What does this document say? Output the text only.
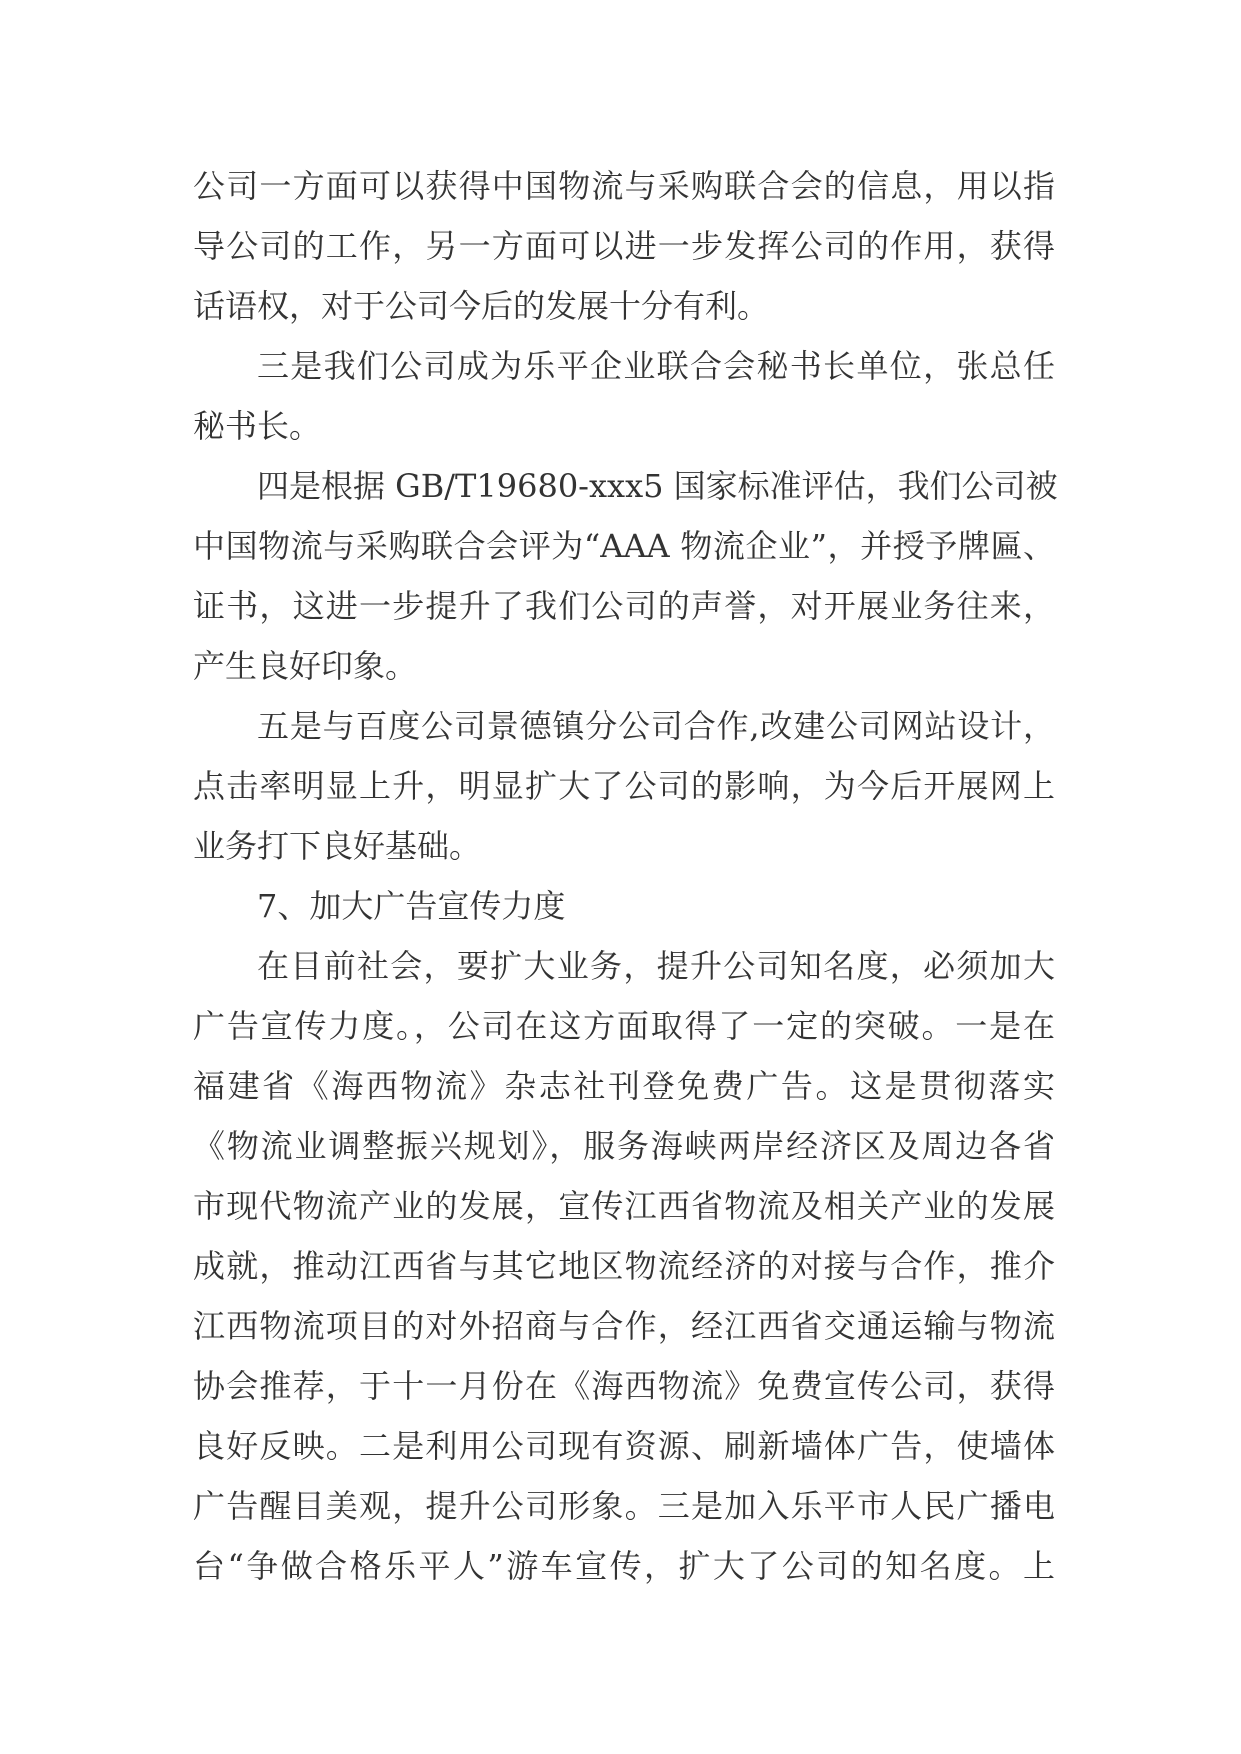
公司一方面可以获得中国物流与采购联合会的信息，用以指
导公司的工作，另一方面可以进一步发挥公司的作用，获得
话语权，对于公司今后的发展十分有利。
三是我们公司成为乐平企业联合会秘书长单位，张总任
秘书长。
四是根据 GB/T19680-xxx5 国家标准评估，我们公司被
中国物流与采购联合会评为“AAA 物流企业”，并授予牌匾、
证书，这进一步提升了我们公司的声誉，对开展业务往来，
产生良好印象。
五是与百度公司景德镇分公司合作,改建公司网站设计，
点击率明显上升，明显扩大了公司的影响，为今后开展网上
业务打下良好基础。
7、加大广告宣传力度
在目前社会，要扩大业务，提升公司知名度，必须加大
广告宣传力度。，公司在这方面取得了一定的突破。一是在
福建省《海西物流》杂志社刊登免费广告。这是贯彻落实
《物流业调整振兴规划》，服务海峡两岸经济区及周边各省
市现代物流产业的发展，宣传江西省物流及相关产业的发展
成就，推动江西省与其它地区物流经济的对接与合作，推介
江西物流项目的对外招商与合作，经江西省交通运输与物流
协会推荐，于十一月份在《海西物流》免费宣传公司，获得
良好反映。二是利用公司现有资源、刷新墙体广告，使墙体
广告醒目美观，提升公司形象。三是加入乐平市人民广播电
台“争做合格乐平人”游车宣传，扩大了公司的知名度。上
